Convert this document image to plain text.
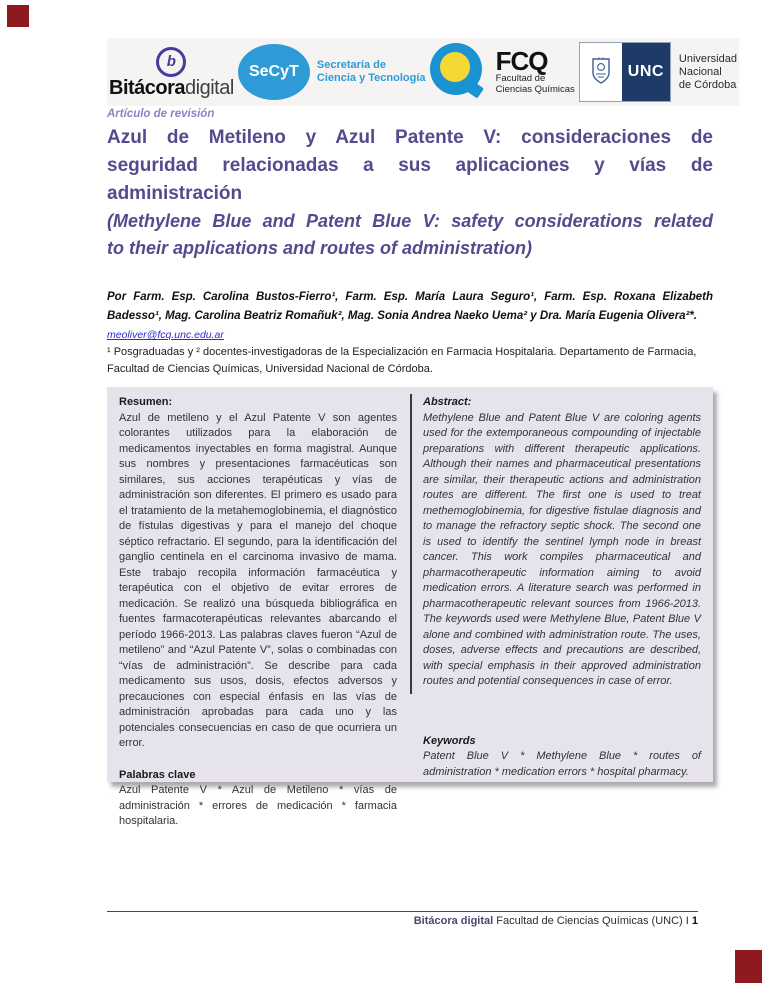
b
Bitácoradigital
SeCyT	Secretaría de
Ciencia y Tecnología
FCQ
Facultad de
Ciencias Químicas
UNC
Universidad
Nacional
de Córdoba
Artículo de revisión
Azul de Metileno y Azul Patente V: consideraciones de
seguridad relacionadas a sus aplicaciones y vías de
administración
(Methylene Blue and Patent Blue V: safety considerations related
to their applications and routes of administration)

Por Farm. Esp. Carolina Bustos-Fierro¹, Farm. Esp. María Laura Seguro¹, Farm. Esp. Roxana Elizabeth Badesso¹, Mag. Carolina Beatriz Romañuk², Mag. Sonia Andrea Naeko Uema² y Dra. María Eugenia Olivera²*.

meoliver@fcq.unc.edu.ar

¹ Posgraduadas y ² docentes-investigadoras de la Especialización en Farmacia Hospitalaria. Departamento de Farmacia, Facultad de Ciencias Químicas, Universidad Nacional de Córdoba.

Resumen:
Azul de metileno y el Azul Patente V son agentes colorantes utilizados para la elaboración de medicamentos inyectables en forma magistral. Aunque sus nombres y presentaciones farmacéuticas son similares, sus acciones terapéuticas y vías de administración son diferentes. El primero es usado para el tratamiento de la metahemoglobinemia, el diagnóstico de fístulas digestivas y para el manejo del choque séptico refractario. El segundo, para la identificación del ganglio centinela en el carcinoma invasivo de mama. Este trabajo recopila información farmacéutica y terapéutica con el objetivo de evitar errores de medicación. Se realizó una búsqueda bibliográfica en fuentes farmacoterapéuticas relevantes abarcando el período 1966-2013. Las palabras claves fueron “Azul de metileno” and “Azul Patente V”, solas o combinadas con “vías de administración”. Se describe para cada medicamento sus usos, dosis, efectos adversos y precauciones con especial énfasis en las vías de administración aprobadas para cada uno y las potenciales consecuencias en caso de que ocurriera un error.
Palabras clave
Azul Patente V * Azul de Metileno * vías de administración * errores de medicación * farmacia hospitalaria.
Abstract:
Methylene Blue and Patent Blue V are coloring agents used for the extemporaneous compounding of injectable preparations with different therapeutic applications. Although their names and pharmaceutical presentations are similar, their therapeutic actions and administration routes are different. The first one is used to treat methemoglobinemia, for digestive fistulae diagnosis and to manage the refractory septic shock. The second one is used to identify the sentinel lymph node in breast cancer. This work compiles pharmaceutical and pharmacotherapeutic information aiming to avoid medication errors. A literature search was performed in pharmacotherapeutic relevant sources from 1966-2013. The keywords used were Methylene Blue, Patent Blue V alone and combined with administration route. The uses, doses, adverse effects and precautions are described, with special emphasis in their approved administration routes and potential consequences in case of error.
Keywords
Patent Blue V * Methylene Blue * routes of administration * medication errors * hospital pharmacy.
Bitácora digital Facultad de Ciencias Químicas (UNC) I 1
